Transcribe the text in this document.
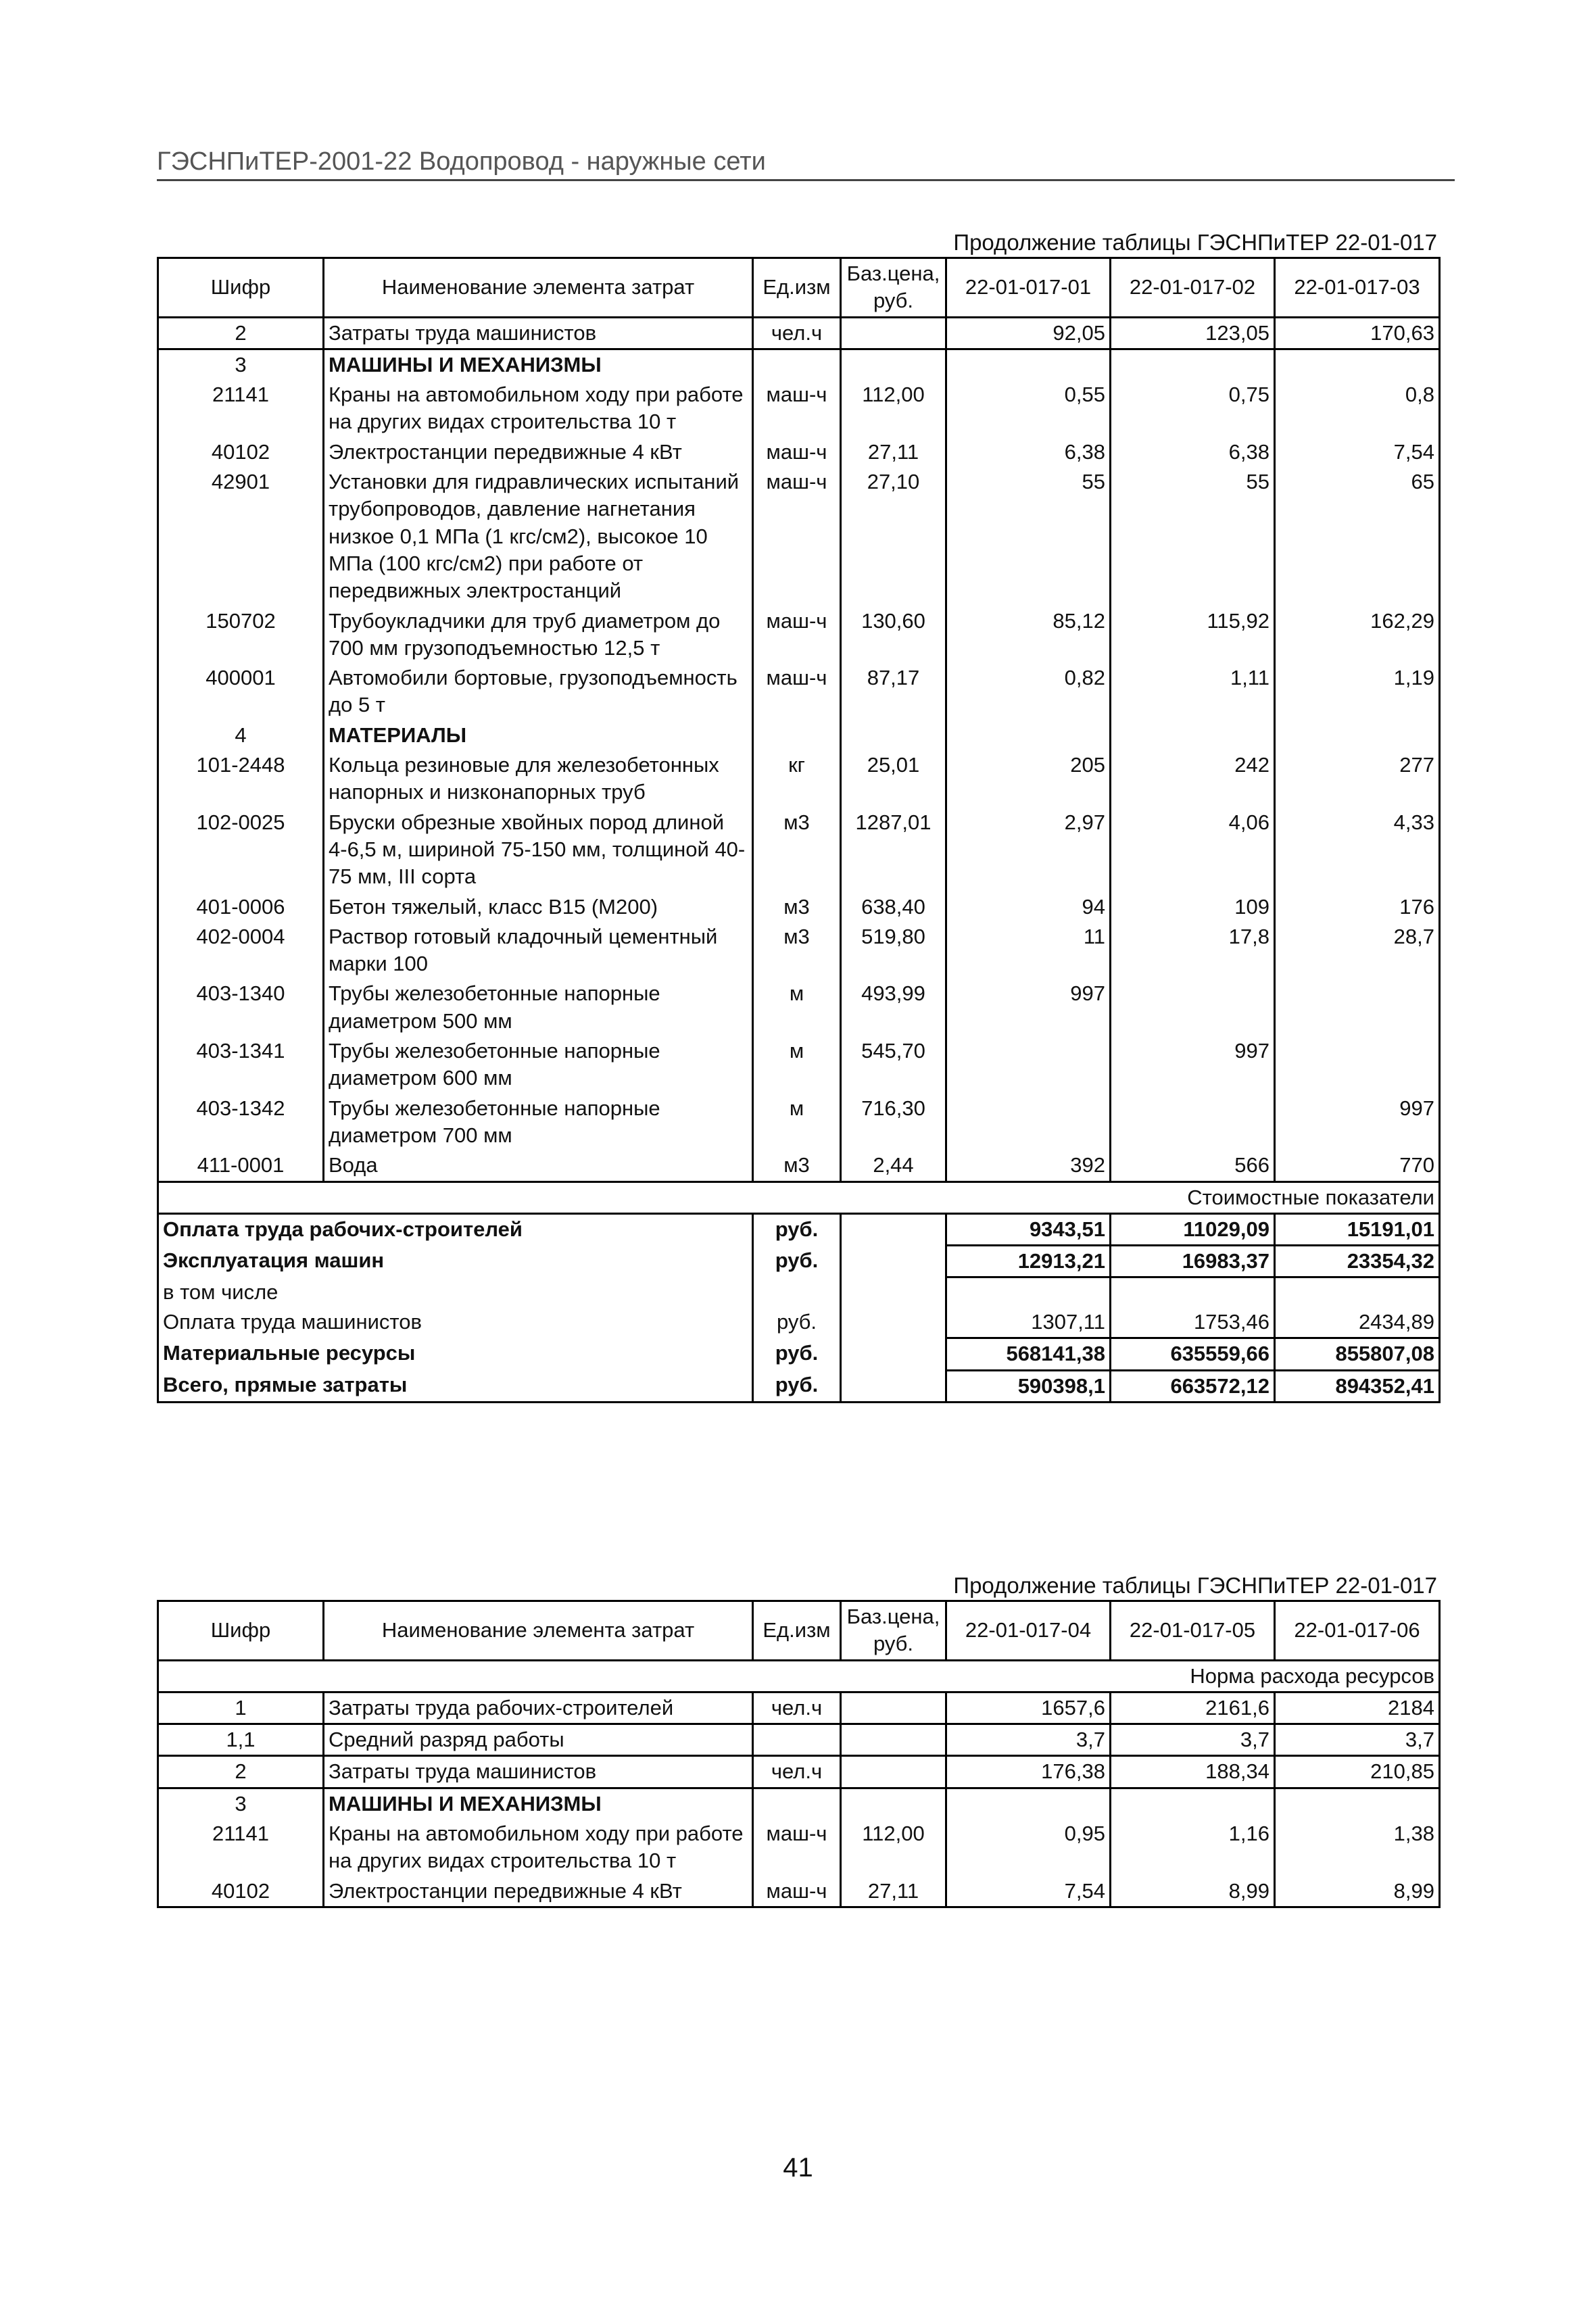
ГЭСНПиТЕР-2001-22 Водопровод - наружные сети
Продолжение таблицы ГЭСНПиТЕР 22-01-017
Шифр	Наименование элемента затрат	Ед.изм	Баз.цена, руб.	22-01-017-01	22-01-017-02	22-01-017-03
2	Затраты труда машинистов	чел.ч		92,05	123,05	170,63
3	МАШИНЫ И МЕХАНИЗМЫ					
21141	Краны на автомобильном ходу при работе на других видах строительства 10 т	маш-ч	112,00	0,55	0,75	0,8
40102	Электростанции передвижные 4 кВт	маш-ч	27,11	6,38	6,38	7,54
42901	Установки для гидравлических испытаний трубопроводов, давление нагнетания низкое 0,1 МПа (1 кгс/см2), высокое 10 МПа (100 кгс/см2) при работе от передвижных электростанций	маш-ч	27,10	55	55	65
150702	Трубоукладчики для труб диаметром до 700 мм грузоподъемностью 12,5 т	маш-ч	130,60	85,12	115,92	162,29
400001	Автомобили бортовые, грузоподъемность до 5 т	маш-ч	87,17	0,82	1,11	1,19
4	МАТЕРИАЛЫ					
101-2448	Кольца резиновые для железобетонных напорных и низконапорных труб	кг	25,01	205	242	277
102-0025	Бруски обрезные хвойных пород длиной 4-6,5 м, шириной 75-150 мм, толщиной 40-75 мм, III сорта	м3	1287,01	2,97	4,06	4,33
401-0006	Бетон тяжелый, класс В15 (М200)	м3	638,40	94	109	176
402-0004	Раствор готовый кладочный цементный марки 100	м3	519,80	11	17,8	28,7
403-1340	Трубы железобетонные напорные диаметром 500 мм	м	493,99	997		
403-1341	Трубы железобетонные напорные диаметром 600 мм	м	545,70		997	
403-1342	Трубы железобетонные напорные диаметром 700 мм	м	716,30			997
411-0001	Вода	м3	2,44	392	566	770
Стоимостные показатели						
Оплата труда рабочих-строителей		руб.		9343,51	11029,09	15191,01
Эксплуатация машин		руб.		12913,21	16983,37	23354,32
в том числе						
Оплата труда машинистов		руб.		1307,11	1753,46	2434,89
Материальные ресурсы		руб.		568141,38	635559,66	855807,08
Всего, прямые затраты		руб.		590398,1	663572,12	894352,41
Продолжение таблицы ГЭСНПиТЕР 22-01-017
Шифр	Наименование элемента затрат	Ед.изм	Баз.цена, руб.	22-01-017-04	22-01-017-05	22-01-017-06
Норма расхода ресурсов						
1	Затраты труда рабочих-строителей	чел.ч		1657,6	2161,6	2184
1,1	Средний разряд работы			3,7	3,7	3,7
2	Затраты труда машинистов	чел.ч		176,38	188,34	210,85
3	МАШИНЫ И МЕХАНИЗМЫ					
21141	Краны на автомобильном ходу при работе на других видах строительства 10 т	маш-ч	112,00	0,95	1,16	1,38
40102	Электростанции передвижные 4 кВт	маш-ч	27,11	7,54	8,99	8,99
41
